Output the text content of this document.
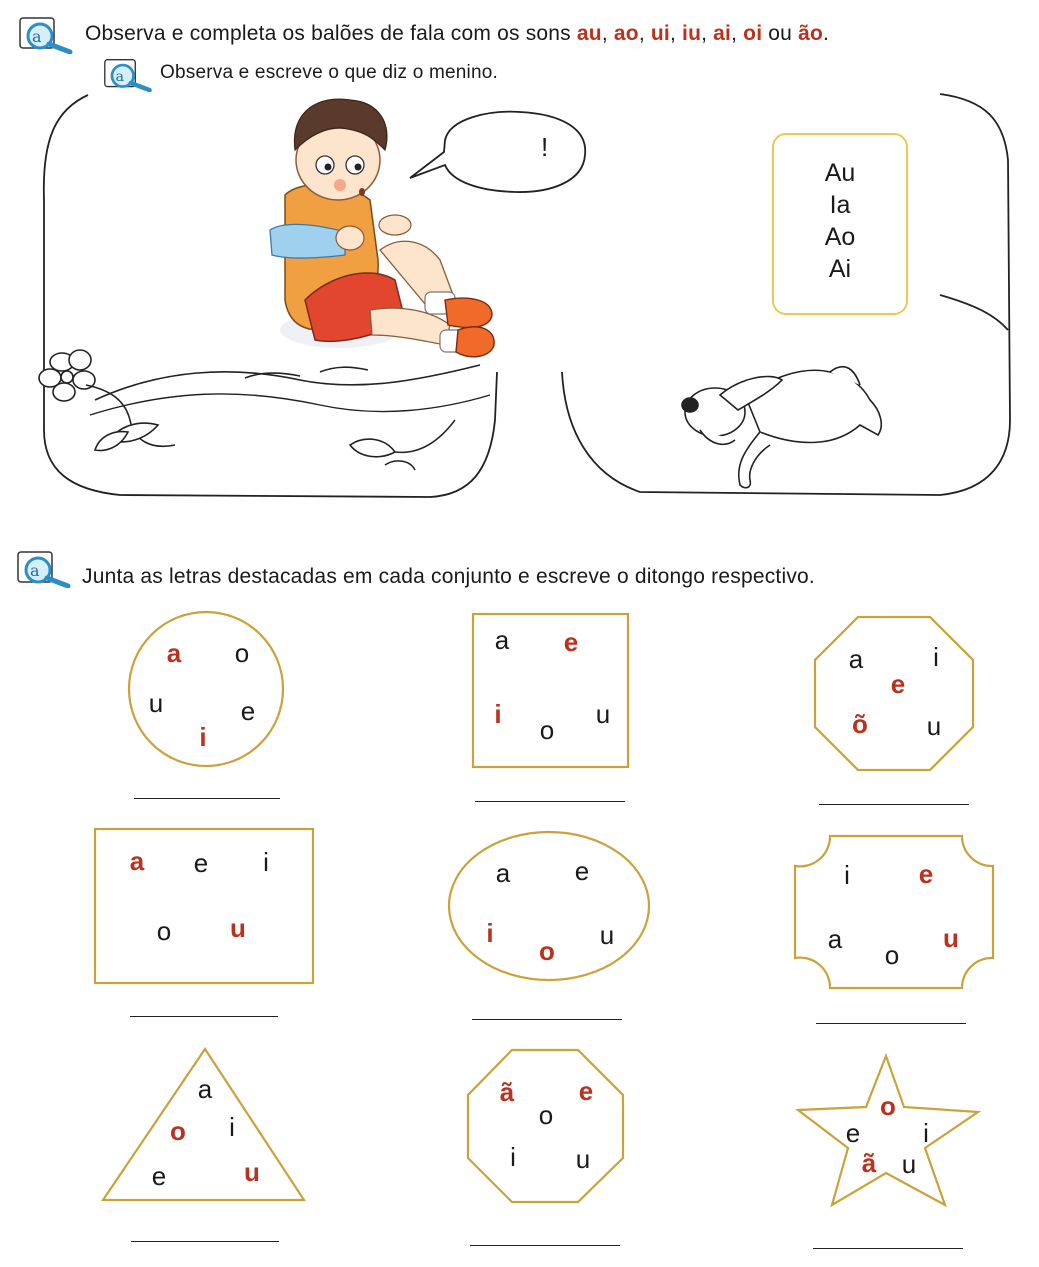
a Observa e completa os balões de fala com os sons au, ao, ui, iu, ai, oi ou ão.
a Observa e escreve o que diz o menino.
!
Au
Ia
Ao
Ai
a Junta as letras destacadas em cada conjunto e escreve o ditongo respectivo.
a o
u	e
i
a e
i
o
u
a	i
e
õ u
a e i
o u
a e
i
o
u
i	e
a
o
u
a
o i
e	u
ã e
o
i u
o
e i
ã u
